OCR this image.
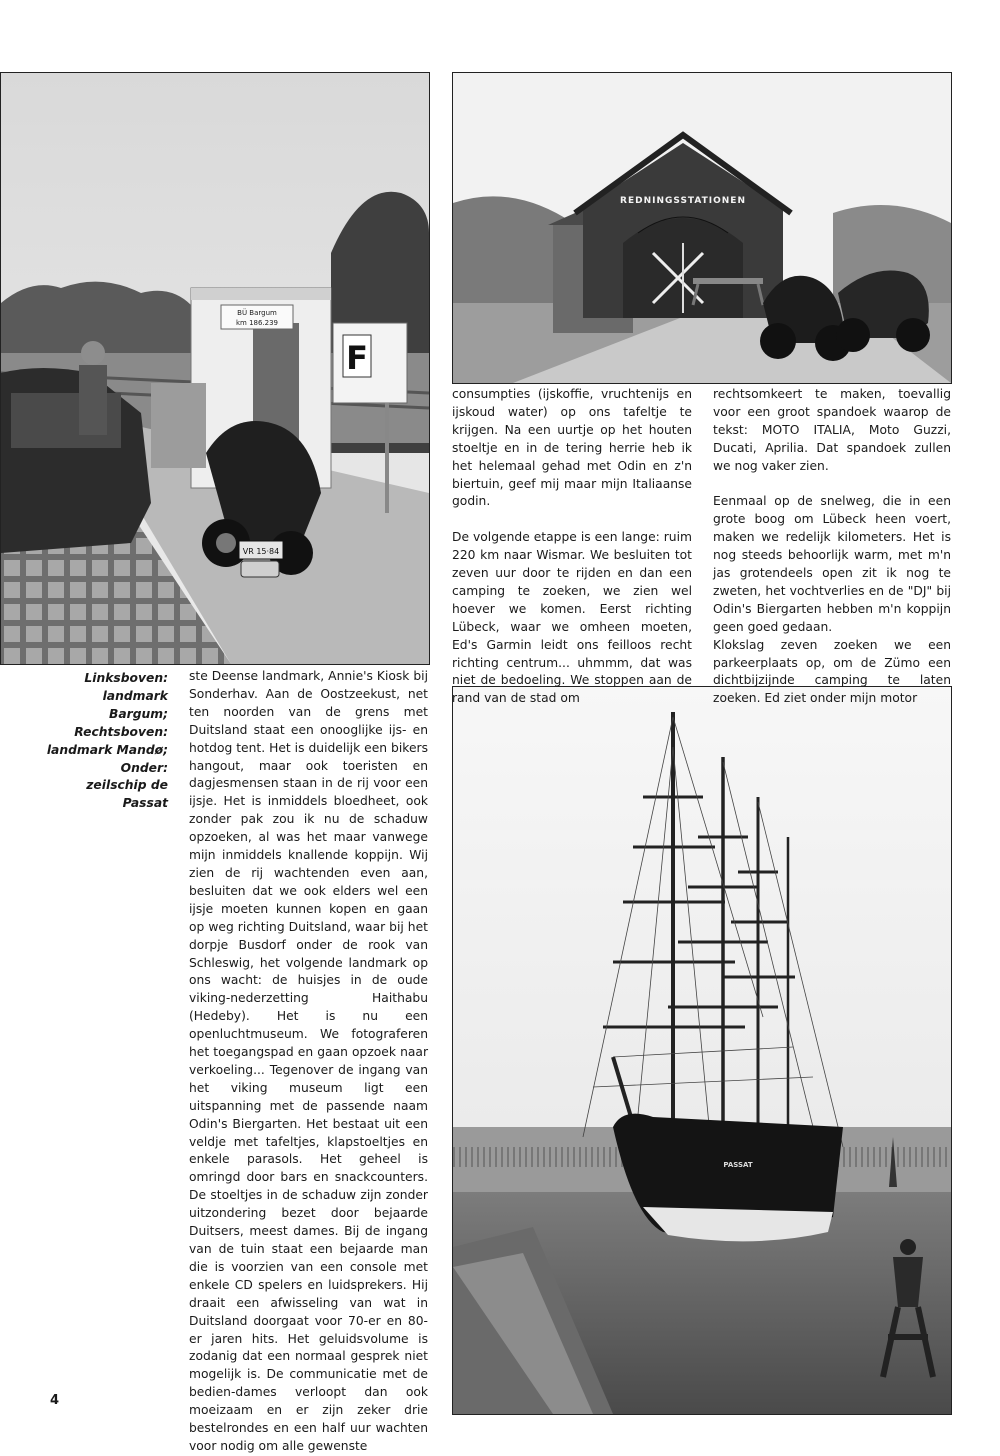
BÜ Bargum
km 186.239
F
VR 15·84
REDNINGSSTATIONEN
PASSAT
Linksboven:
landmark Bargum;
Rechtsboven:
landmark Mandø;
Onder:
zeilschip de Passat

ste Deense landmark, Annie's Kiosk bij Sonderhav. Aan de Oostzeekust, net ten noorden van de grens met Duitsland staat een onooglijke ijs- en hotdog tent. Het is duidelijk een bikers hangout, maar ook toeristen en dagjesmensen staan in de rij voor een ijsje. Het is inmiddels bloedheet, ook zonder pak zou ik nu de schaduw opzoeken, al was het maar vanwege mijn inmiddels knallende koppijn. Wij zien de rij wachtenden even aan, besluiten dat we ook elders wel een ijsje moeten kunnen kopen en gaan op weg richting Duitsland, waar bij het dorpje Busdorf onder de rook van Schleswig, het volgende landmark op ons wacht: de huisjes in de oude viking-nederzetting Haithabu (Hedeby). Het is nu een openluchtmuseum. We fotograferen het toegangspad en gaan opzoek naar verkoeling... Tegenover de ingang van het viking museum ligt een uitspanning met de passende naam Odin's Biergarten. Het bestaat uit een veldje met tafeltjes, klapstoeltjes en enkele parasols. Het geheel is omringd door bars en snackcounters. De stoeltjes in de schaduw zijn zonder uitzondering bezet door bejaarde Duitsers, meest dames. Bij de ingang van de tuin staat een bejaarde man die is voorzien van een console met enkele CD spelers en luidsprekers. Hij draait een afwisseling van wat in Duitsland doorgaat voor 70-er en 80-er jaren hits. Het geluidsvolume is zodanig dat een normaal gesprek niet mogelijk is. De communicatie met de bedien-dames verloopt dan ook moeizaam en er zijn zeker drie bestelrondes en een half uur wachten voor nodig om alle gewenste

consumpties (ijskoffie, vruchtenijs en ijskoud water) op ons tafeltje te krijgen. Na een uurtje op het houten stoeltje en in de tering herrie heb ik het helemaal gehad met Odin en z'n biertuin, geef mij maar mijn Italiaanse godin.

De volgende etappe is een lange: ruim 220 km naar Wismar. We besluiten tot zeven uur door te rijden en dan een camping te zoeken, we zien wel hoever we komen. Eerst richting Lübeck, waar we omheen moeten, Ed's Garmin leidt ons feilloos recht richting centrum... uhmmm, dat was niet de bedoeling. We stoppen aan de rand van de stad om

rechtsomkeert te maken, toevallig voor een groot spandoek waarop de tekst: MOTO ITALIA, Moto Guzzi, Ducati, Aprilia. Dat spandoek zullen we nog vaker zien.

Eenmaal op de snelweg, die in een grote boog om Lübeck heen voert, maken we redelijk kilometers. Het is nog steeds behoorlijk warm, met m'n jas grotendeels open zit ik nog te zweten, het vochtverlies en de "DJ" bij Odin's Biergarten hebben m'n koppijn geen goed gedaan.

Klokslag zeven zoeken we een parkeerplaats op, om de Zümo een dichtbijzijnde camping te laten zoeken. Ed ziet onder mijn motor

4
